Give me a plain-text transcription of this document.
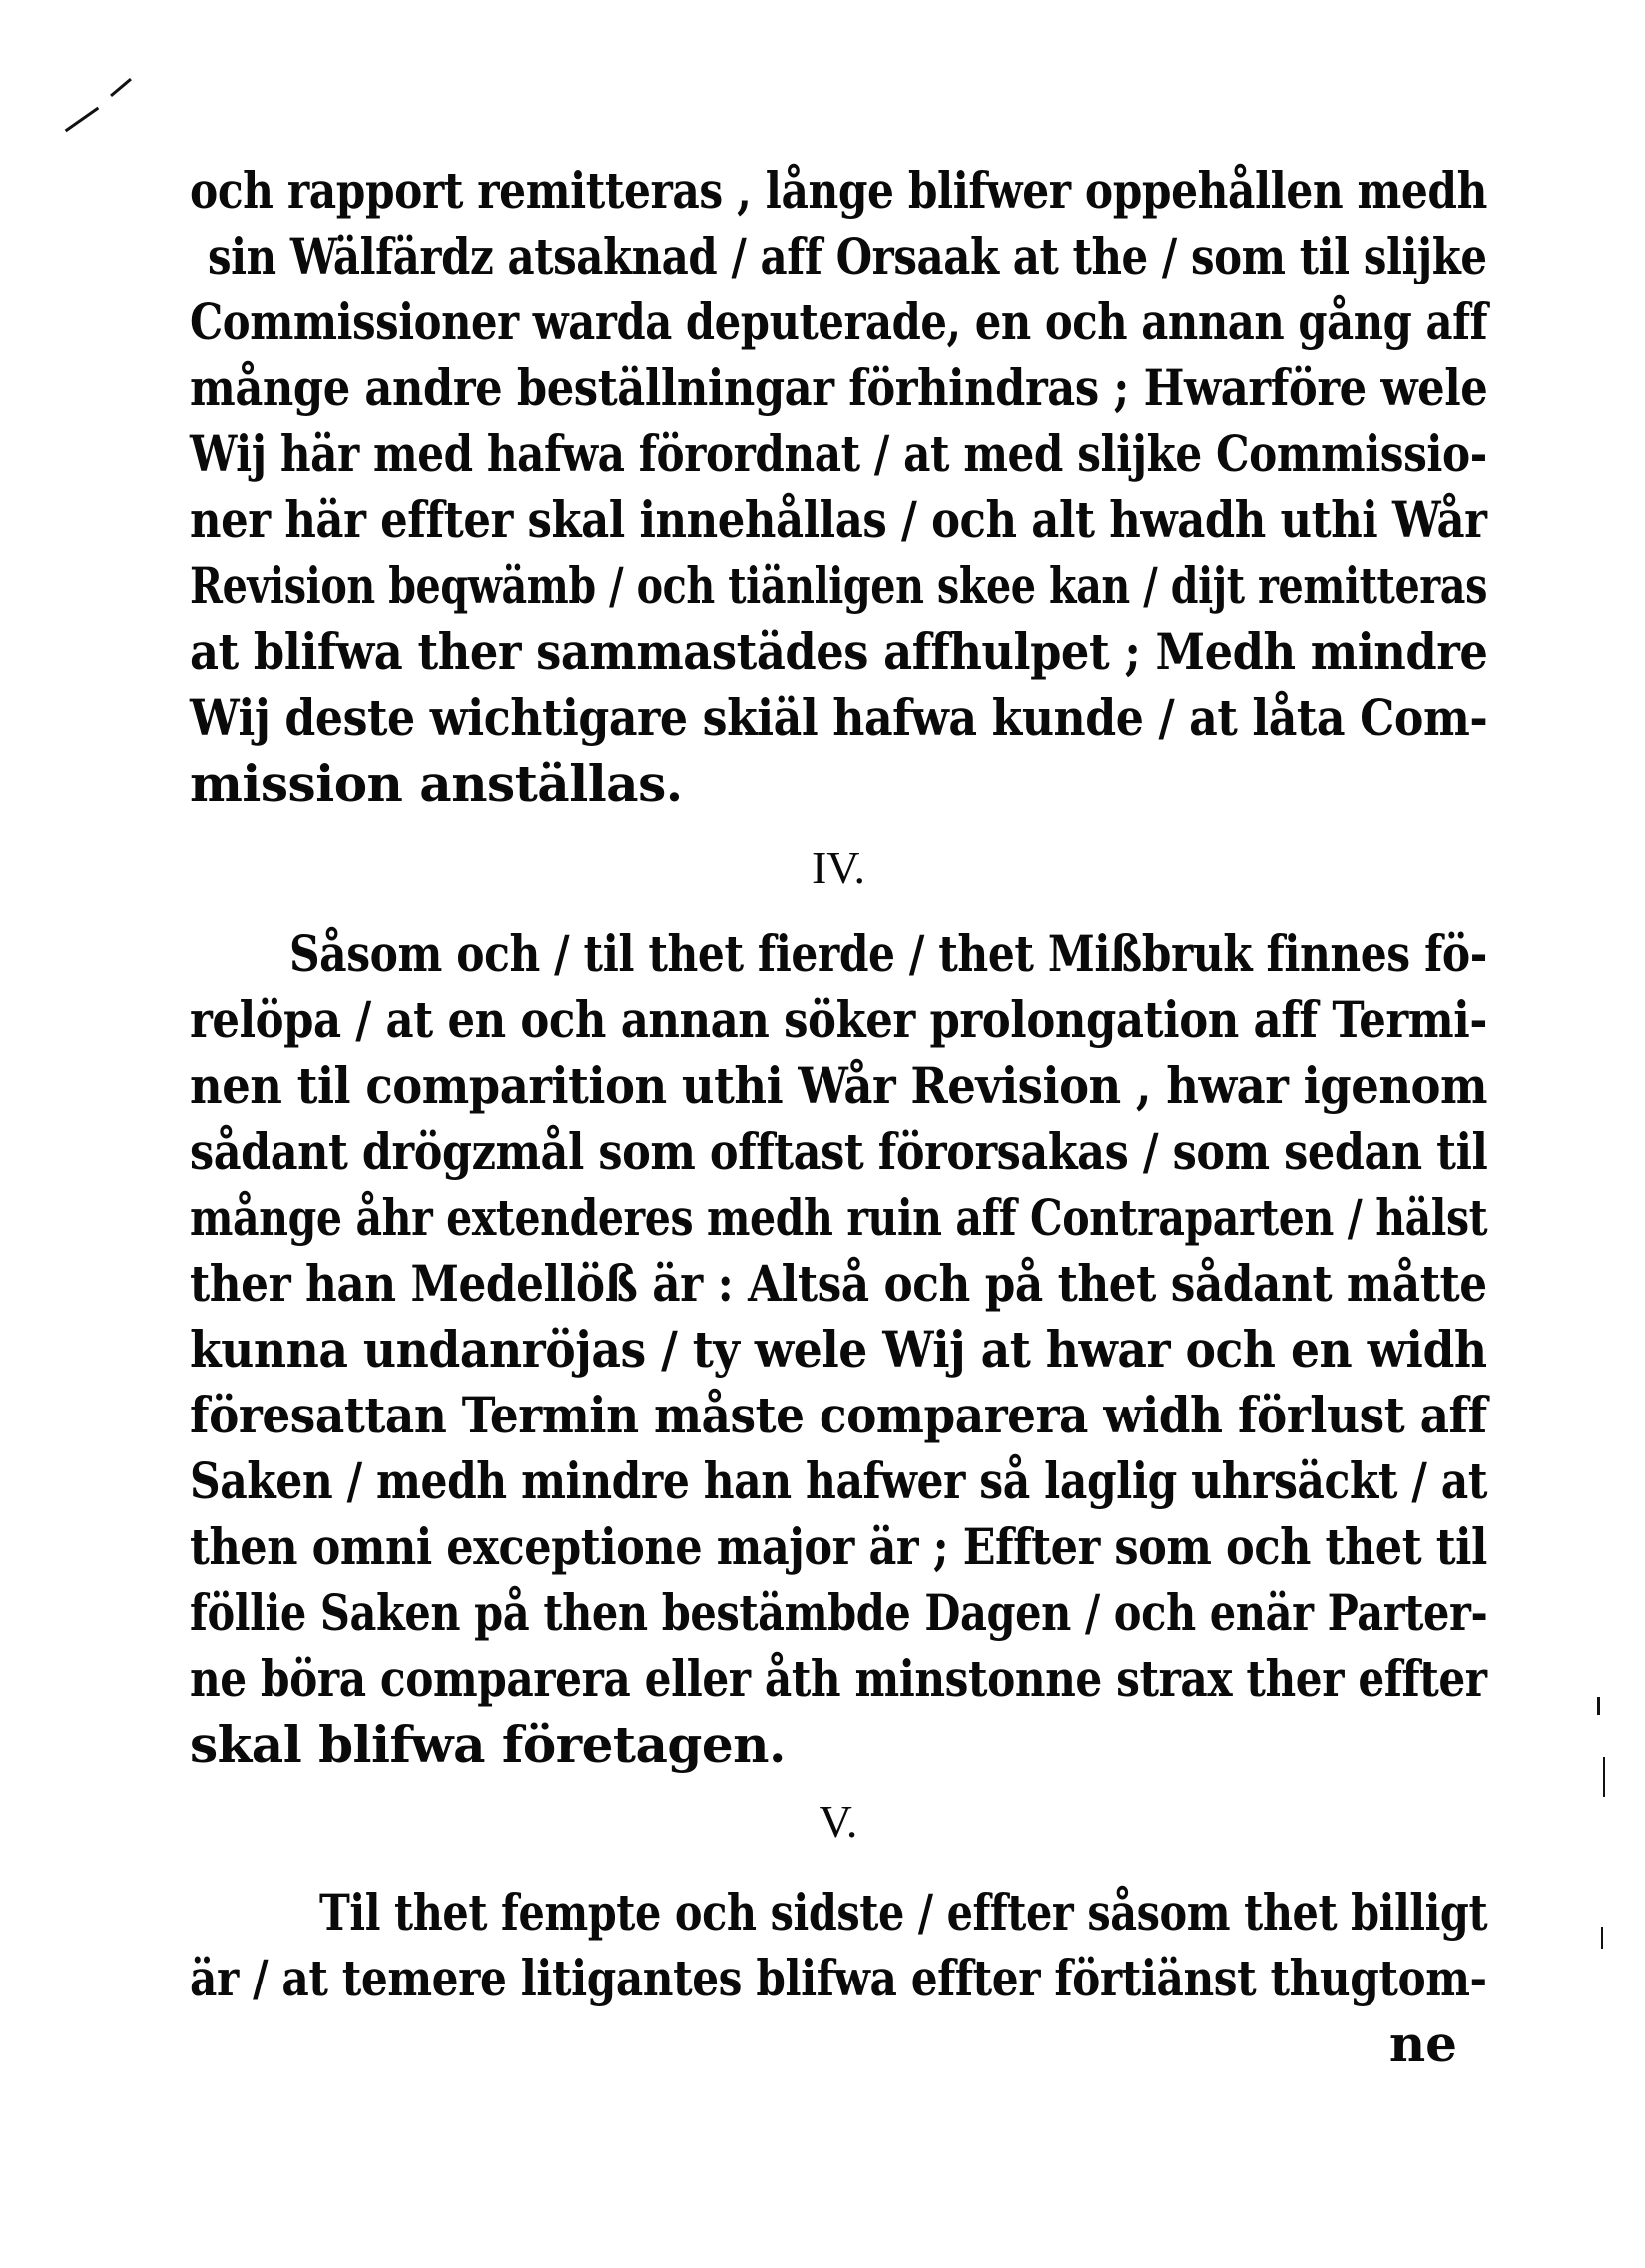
och rapport remitteras , långe blifwer oppehållen medh
sin Wälfärdz atsaknad / aff Orsaak at the / som til slijke
Commissioner warda deputerade, en och annan gång aff
månge andre beställningar förhindras ; Hwarföre wele
Wij här med hafwa förordnat / at med slijke Commissio-
ner här effter skal innehållas / och alt hwadh uthi Wår
Revision beqwämb / och tiänligen skee kan / dijt remitteras
at blifwa ther sammastädes affhulpet ; Medh mindre
Wij deste wichtigare skiäl hafwa kunde / at låta Com-
mission anställas.
IV.
Såsom och / til thet fierde / thet Mißbruk finnes fö-
relöpa / at en och annan söker prolongation aff Termi-
nen til comparition uthi Wår Revision , hwar igenom
sådant drögzmål som offtast förorsakas / som sedan til
månge åhr extenderes medh ruin aff Contraparten / hälst
ther han Medellöß är : Altså och på thet sådant måtte
kunna undanröjas / ty wele Wij at hwar och en widh
föresattan Termin måste comparera widh förlust aff
Saken / medh mindre han hafwer så laglig uhrsäckt / at
then omni exceptione major är ; Effter som och thet til
föllie Saken på then bestämbde Dagen / och enär Parter-
ne böra comparera eller åth minstonne strax ther effter
skal blifwa företagen.
V.
Til thet fempte och sidste / effter såsom thet billigt
är / at temere litigantes blifwa effter förtiänst thugtom-
ne
